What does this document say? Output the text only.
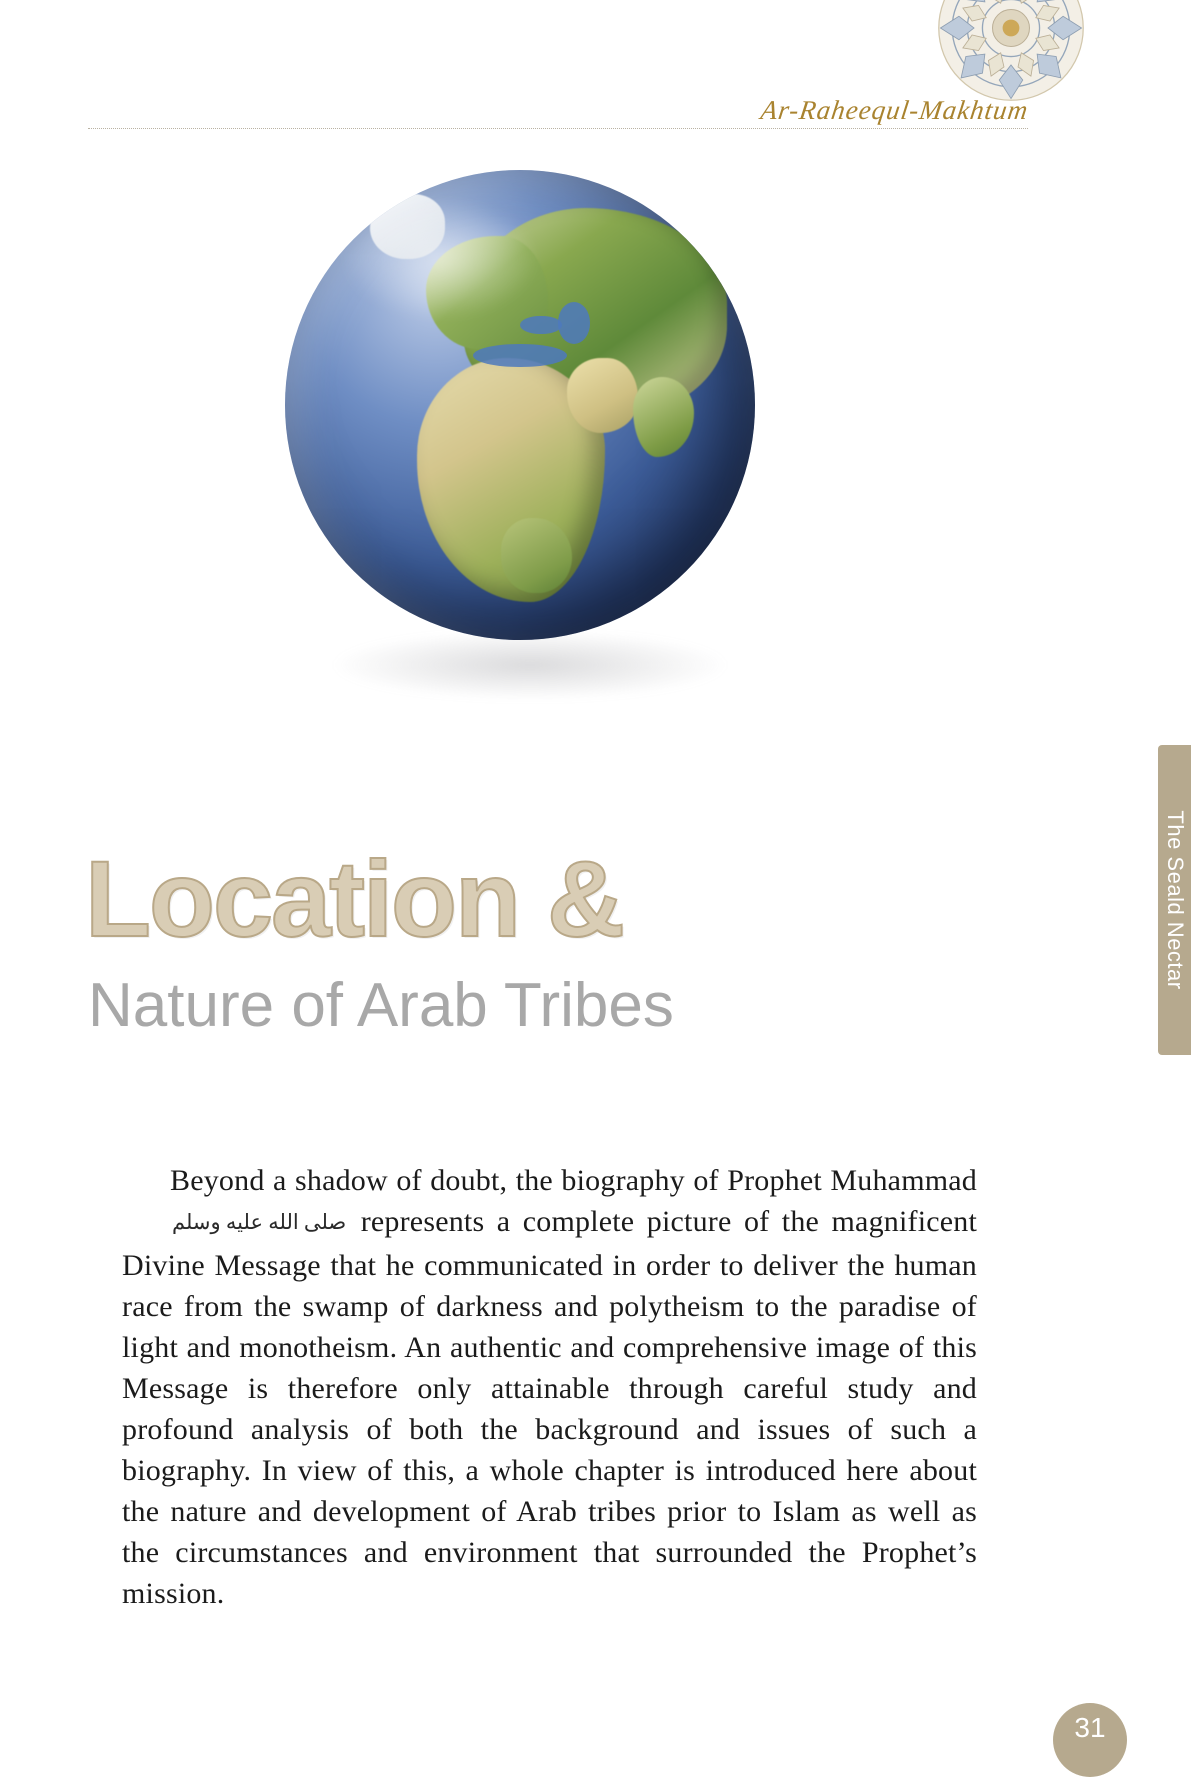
Ar-Raheequl-Makhtum
The Seald Nectar
Location &
Nature of Arab Tribes

Beyond a shadow of doubt, the biography of Prophet Muhammad صلى الله عليه وسلم represents a complete picture of the magnificent Divine Message that he communicated in order to deliver the human race from the swamp of darkness and polytheism to the paradise of light and monotheism. An authentic and comprehensive image of this Message is therefore only attainable through careful study and profound analysis of both the background and issues of such a biography. In view of this, a whole chapter is introduced here about the nature and development of Arab tribes prior to Islam as well as the circumstances and environment that surrounded the Prophet’s mission.

31
